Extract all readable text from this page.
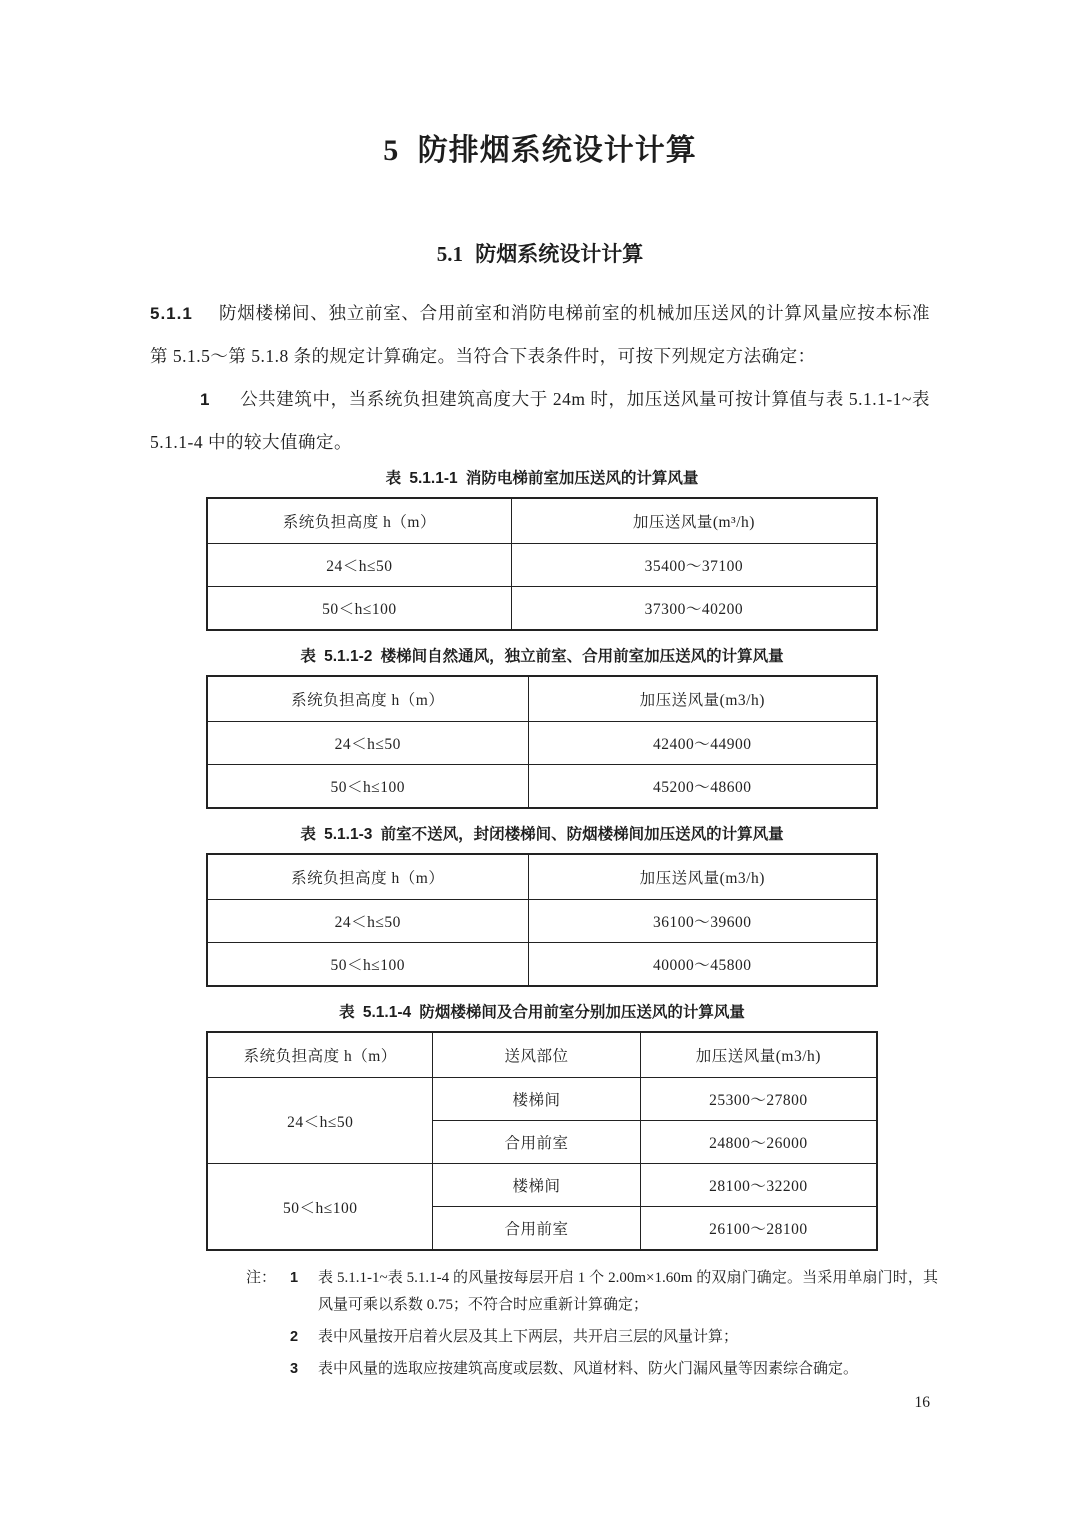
5 防排烟系统设计计算
5.1 防烟系统设计计算

5.1.1 防烟楼梯间、独立前室、合用前室和消防电梯前室的机械加压送风的计算风量应按本标准第 5.1.5～第 5.1.8 条的规定计算确定。当符合下表条件时，可按下列规定方法确定：

1 公共建筑中，当系统负担建筑高度大于 24m 时，加压送风量可按计算值与表 5.1.1-1~表 5.1.1-4 中的较大值确定。

表 5.1.1-1 消防电梯前室加压送风的计算风量
系统负担高度 h（m）	加压送风量(m³/h)
24＜h≤50	35400～37100
50＜h≤100	37300～40200
表 5.1.1-2 楼梯间自然通风，独立前室、合用前室加压送风的计算风量
系统负担高度 h（m）	加压送风量(m3/h)
24＜h≤50	42400～44900
50＜h≤100	45200～48600
表 5.1.1-3 前室不送风，封闭楼梯间、防烟楼梯间加压送风的计算风量
系统负担高度 h（m）	加压送风量(m3/h)
24＜h≤50	36100～39600
50＜h≤100	40000～45800
表 5.1.1-4 防烟楼梯间及合用前室分别加压送风的计算风量
系统负担高度 h（m）	送风部位	加压送风量(m3/h)
24＜h≤50	楼梯间	25300～27800
	合用前室	24800～26000
50＜h≤100	楼梯间	28100～32200
	合用前室	26100～28100
注： 1	表 5.1.1-1~表 5.1.1-4 的风量按每层开启 1 个 2.00m×1.60m 的双扇门确定。当采用单扇门时，其风量可乘以系数 0.75；不符合时应重新计算确定；
2	表中风量按开启着火层及其上下两层，共开启三层的风量计算；
3	表中风量的选取应按建筑高度或层数、风道材料、防火门漏风量等因素综合确定。
16
